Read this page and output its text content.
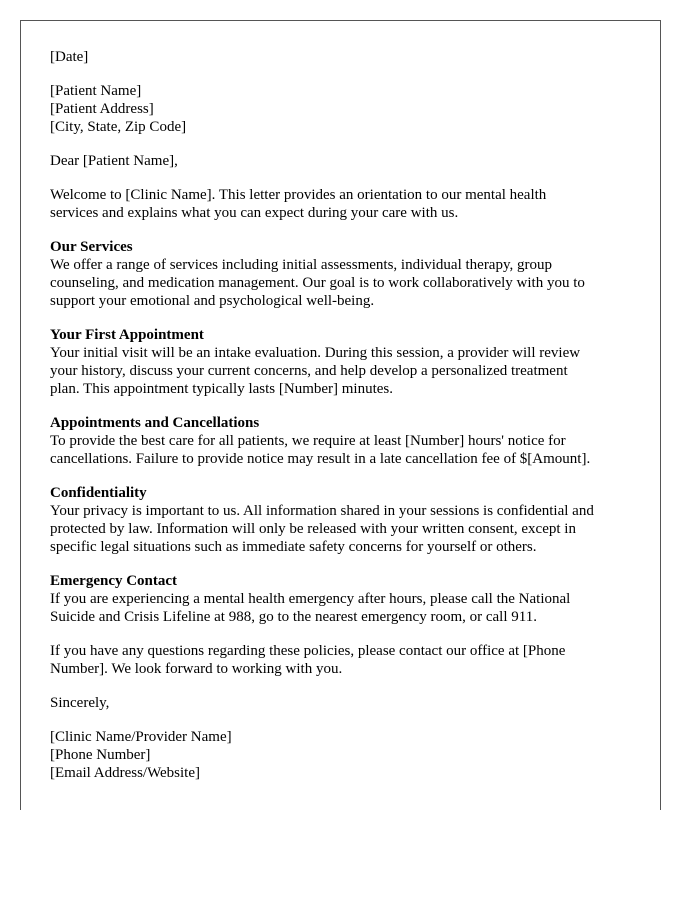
[Date]
[Patient Name]
[Patient Address]
[City, State, Zip Code]
Dear [Patient Name],
Welcome to [Clinic Name]. This letter provides an orientation to our mental health
services and explains what you can expect during your care with us.
Our Services
We offer a range of services including initial assessments, individual therapy, group
counseling, and medication management. Our goal is to work collaboratively with you to
support your emotional and psychological well-being.
Your First Appointment
Your initial visit will be an intake evaluation. During this session, a provider will review
your history, discuss your current concerns, and help develop a personalized treatment
plan. This appointment typically lasts [Number] minutes.
Appointments and Cancellations
To provide the best care for all patients, we require at least [Number] hours' notice for
cancellations. Failure to provide notice may result in a late cancellation fee of $[Amount].
Confidentiality
Your privacy is important to us. All information shared in your sessions is confidential and
protected by law. Information will only be released with your written consent, except in
specific legal situations such as immediate safety concerns for yourself or others.
Emergency Contact
If you are experiencing a mental health emergency after hours, please call the National
Suicide and Crisis Lifeline at 988, go to the nearest emergency room, or call 911.
If you have any questions regarding these policies, please contact our office at [Phone
Number]. We look forward to working with you.
Sincerely,
[Clinic Name/Provider Name]
[Phone Number]
[Email Address/Website]
